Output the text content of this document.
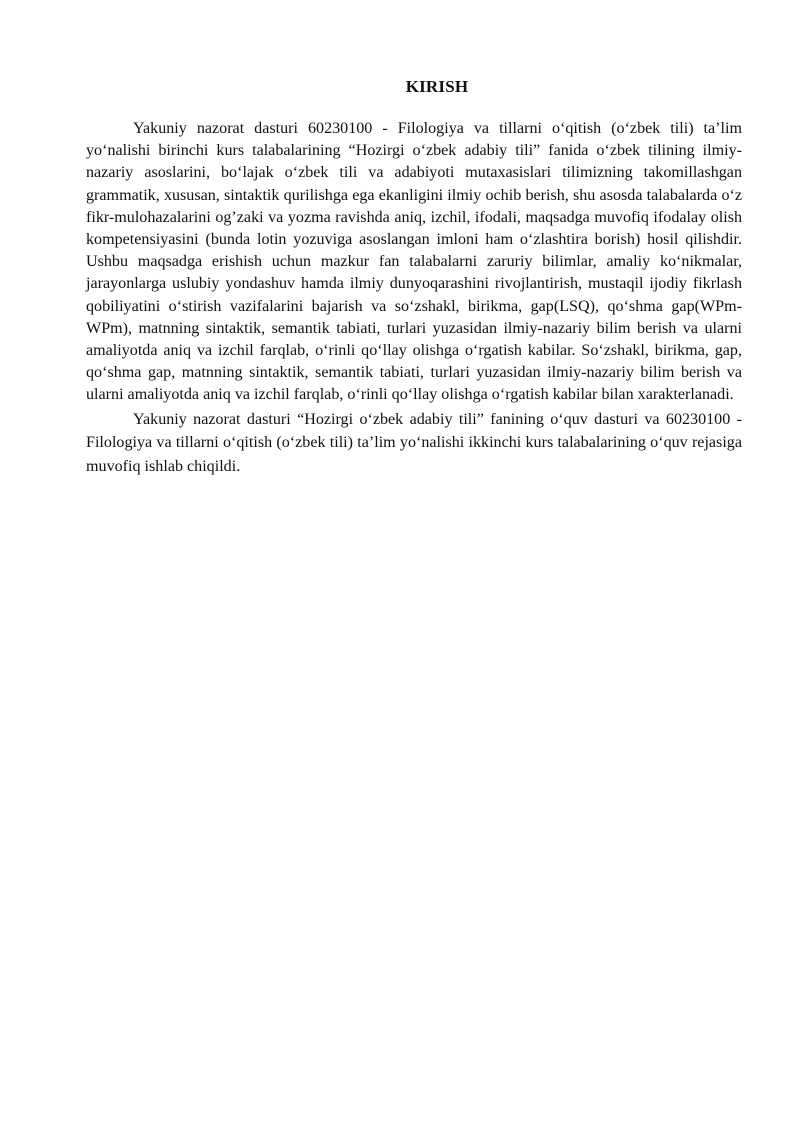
KIRISH

Yakuniy nazorat dasturi 60230100 - Filologiya va tillarni o‘qitish (o‘zbek tili) ta’lim yo‘nalishi birinchi kurs talabalarining “Hozirgi o‘zbek adabiy tili” fanida o‘zbek tilining ilmiy-nazariy asoslarini, bo‘lajak o‘zbek tili va adabiyoti mutaxasislari tilimizning takomillashgan grammatik, xususan, sintaktik qurilishga ega ekanligini ilmiy ochib berish, shu asosda talabalarda o‘z fikr-mulohazalarini og’zaki va yozma ravishda aniq, izchil, ifodali, maqsadga muvofiq ifodalay olish kompetensiyasini (bunda lotin yozuviga asoslangan imloni ham o‘zlashtira borish) hosil qilishdir. Ushbu maqsadga erishish uchun mazkur fan talabalarni zaruriy bilimlar, amaliy ko‘nikmalar, jarayonlarga uslubiy yondashuv hamda ilmiy dunyoqarashini rivojlantirish, mustaqil ijodiy fikrlash qobiliyatini o‘stirish vazifalarini bajarish va so‘zshakl, birikma, gap(LSQ), qo‘shma gap(WPm-WPm), matnning sintaktik, semantik tabiati, turlari yuzasidan ilmiy-nazariy bilim berish va ularni amaliyotda aniq va izchil farqlab, o‘rinli qo‘llay olishga o‘rgatish kabilar. So‘zshakl, birikma, gap, qo‘shma gap, matnning sintaktik, semantik tabiati, turlari yuzasidan ilmiy-nazariy bilim berish va ularni amaliyotda aniq va izchil farqlab, o‘rinli qo‘llay olishga o‘rgatish kabilar bilan xarakterlanadi.

Yakuniy nazorat dasturi “Hozirgi o‘zbek adabiy tili” fanining o‘quv dasturi va 60230100 - Filologiya va tillarni o‘qitish (o‘zbek tili) ta’lim yo‘nalishi ikkinchi kurs talabalarining o‘quv rejasiga muvofiq ishlab chiqildi.
